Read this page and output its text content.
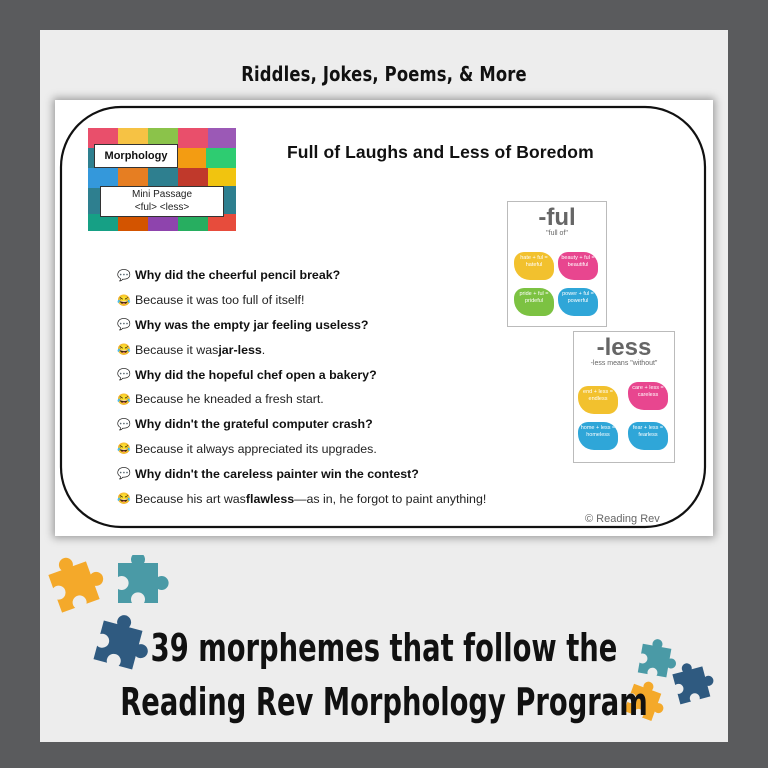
Riddles, Jokes, Poems, & More
Morphology
Mini Passage
<ful> <less>
Full of Laughs and Less of Boredom
💬 Why did the cheerful pencil break?
😂 Because it was too full of itself!
💬 Why was the empty jar feeling useless?
😂 Because it was jar-less .
💬 Why did the hopeful chef open a bakery?
😂 Because he kneaded a fresh start.
💬 Why didn't the grateful computer crash?
😂 Because it always appreciated its upgrades.
💬 Why didn't the careless painter win the contest?
😂 Because his art was flawless —as in, he forgot to paint anything!
-ful
"full of"
hate + ful = hateful
beauty + ful = beautiful
pride + ful = prideful
power + ful = powerful
-less
-less means "without"
end + less = endless
care + less = careless
home + less = homeless
fear + less = fearless
© Reading Rev
39 morphemes that follow the
Reading Rev Morphology Program
